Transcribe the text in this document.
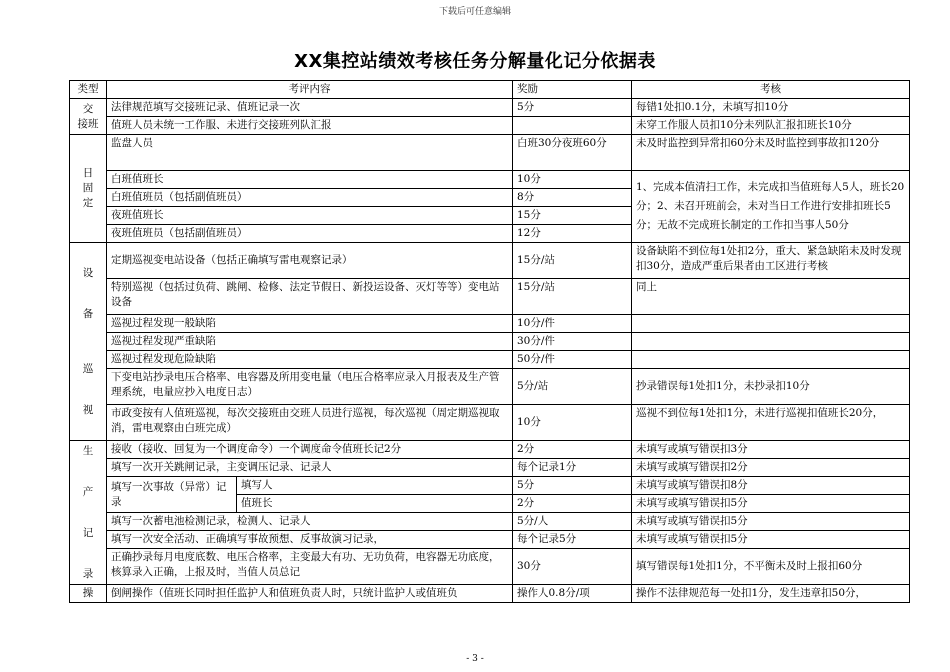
下载后可任意编辑
XX集控站绩效考核任务分解量化记分依据表
类型	考评内容		奖励	考核

交
接班	法律规范填写交接班记录、值班记录一次		5分	每错1处扣0.1分，未填写扣10分
	值班人员未统一工作服、未进行交接班列队汇报			未穿工作服人员扣10分未列队汇报扣班长10分

日
固
定	监盘人员		白班30分夜班60分	未及时监控到异常扣60分未及时监控到事故扣120分
	白班值班长		10分	1、完成本值清扫工作，未完成扣当值班每人5人，班长20分；2、未召开班前会，未对当日工作进行安排扣班长5分；无故不完成班长制定的工作扣当事人50分
	白班值班员（包括副值班员）		8分	
	夜班值班长		15分	
	夜班值班员（包括副值班员）		12分	

设
备
巡
视	定期巡视变电站设备（包括正确填写雷电观察记录）		15分/站	设备缺陷不到位每1处扣2分，重大、紧急缺陷未及时发现扣30分，造成严重后果者由工区进行考核
	特别巡视（包括过负荷、跳闸、检修、法定节假日、新投运设备、灭灯等等）变电站设备		15分/站	同上
	巡视过程发现一般缺陷		10分/件	
	巡视过程发现严重缺陷		30分/件	
	巡视过程发现危险缺陷		50分/件	
	下变电站抄录电压合格率、电容器及所用变电量（电压合格率应录入月报表及生产管理系统，电量应抄入电度日志）		5分/站	抄录错误每1处扣1分，未抄录扣10分
	市政变按有人值班巡视，每次交接班由交班人员进行巡视，每次巡视（周定期巡视取消，雷电观察由白班完成）		10分	巡视不到位每1处扣1分，未进行巡视扣值班长20分，

生
产
记
录	接收（接收、回复为一个调度命令）一个调度命令值班长记2分		2分	未填写或填写错误扣3分
	填写一次开关跳闸记录，主变调压记录、记录人		每个记录1分	未填写或填写错误扣2分
	填写一次事故（异常）记录	填写人	5分	未填写或填写错误扣8分
		值班长	2分	未填写或填写错误扣5分
	填写一次蓄电池检测记录，检测人、记录人		5分/人	未填写或填写错误扣5分
	填写一次安全活动、正确填写事故预想、反事故演习记录，		每个记录5分	未填写或填写错误扣5分
	正确抄录每月电度底数、电压合格率，主变最大有功、无功负荷，电容器无功底度，核算录入正确，上报及时，当值人员总记		30分	填写错误每1处扣1分，不平衡未及时上报扣60分

操	倒闸操作（值班长同时担任监护人和值班负责人时，只统计监护人或值班负		操作人0.8分/项	操作不法律规范每一处扣1分，发生违章扣50分，
- 3 -
